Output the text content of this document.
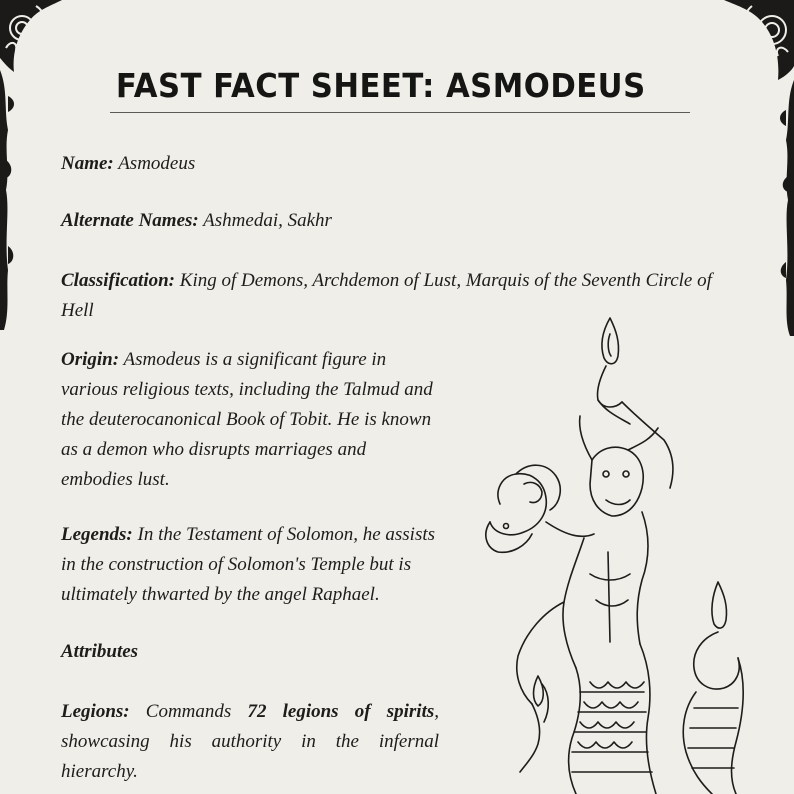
FAST FACT SHEET: ASMODEUS

Name: Asmodeus

Alternate Names: Ashmedai, Sakhr

Classification: King of Demons, Archdemon of Lust, Marquis of the Seventh Circle of Hell

Origin: Asmodeus is a significant figure in various religious texts, including the Talmud and the deuterocanonical Book of Tobit. He is known as a demon who disrupts marriages and embodies lust.

Legends: In the Testament of Solomon, he assists in the construction of Solomon's Temple but is ultimately thwarted by the angel Raphael.

Attributes

Legions: Commands 72 legions of spirits, showcasing his authority in the infernal hierarchy.
